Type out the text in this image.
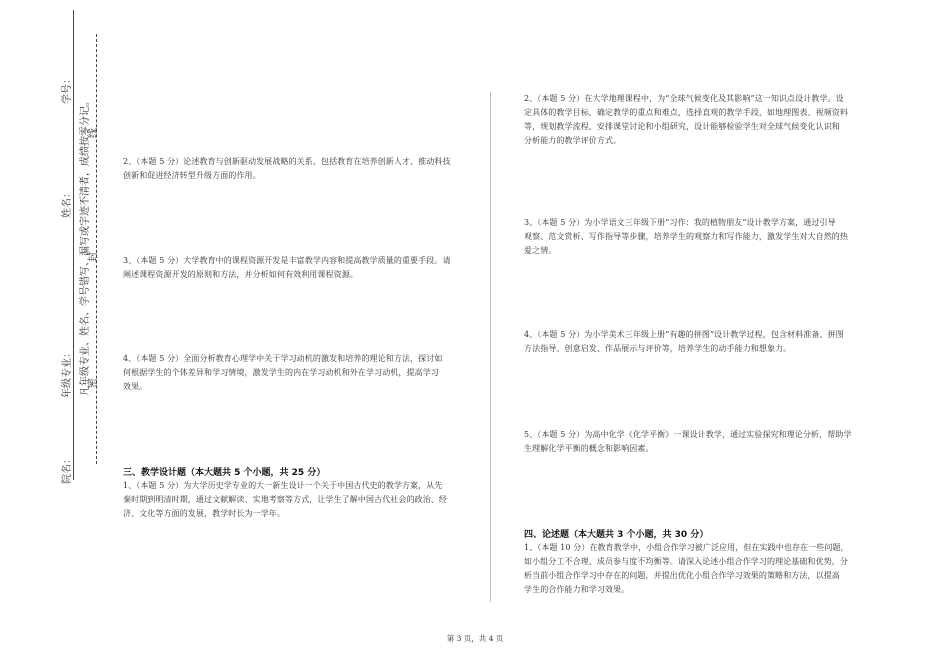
学号：
姓名：
年级专业：
院名：
凡年级专业、姓名、学号错写、漏写或字迹不清者，成绩按零分记。
密
封
线
2、（本题 5 分）论述教育与创新驱动发展战略的关系，包括教育在培养创新人才、推动科技
创新和促进经济转型升级方面的作用。
3、（本题 5 分）大学教育中的课程资源开发是丰富教学内容和提高教学质量的重要手段。请
阐述课程资源开发的原则和方法，并分析如何有效利用课程资源。
4、（本题 5 分）全面分析教育心理学中关于学习动机的激发和培养的理论和方法，探讨如
何根据学生的个体差异和学习情境，激发学生的内在学习动机和外在学习动机，提高学习
效果。
三、教学设计题（本大题共 5 个小题，共 25 分）
1、（本题 5 分）为大学历史学专业的大一新生设计一个关于中国古代史的教学方案，从先
秦时期到明清时期，通过文献解读、实地考察等方式，让学生了解中国古代社会的政治、经
济、文化等方面的发展，教学时长为一学年。
2、（本题 5 分）在大学地理课程中，为“全球气候变化及其影响”这一知识点设计教学。设
定具体的教学目标，确定教学的重点和难点，选择直观的教学手段，如地理图表、视频资料
等，规划教学流程，安排课堂讨论和小组研究，设计能够检验学生对全球气候变化认识和
分析能力的教学评价方式。
3、（本题 5 分）为小学语文三年级下册“习作：我的植物朋友”设计教学方案，通过引导
观察、范文赏析、写作指导等步骤，培养学生的观察力和写作能力，激发学生对大自然的热
爱之情。
4、（本题 5 分）为小学美术三年级上册“有趣的拼图”设计教学过程，包含材料准备、拼图
方法指导、创意启发、作品展示与评价等，培养学生的动手能力和想象力。
5、（本题 5 分）为高中化学《化学平衡》一课设计教学，通过实验探究和理论分析，帮助学
生理解化学平衡的概念和影响因素。
四、论述题（本大题共 3 个小题，共 30 分）
1、（本题 10 分）在教育教学中，小组合作学习被广泛应用，但在实践中也存在一些问题，
如小组分工不合理、成员参与度不均衡等。请深入论述小组合作学习的理论基础和优势，分
析当前小组合作学习中存在的问题，并提出优化小组合作学习效果的策略和方法，以提高
学生的合作能力和学习效果。
第 3 页，共 4 页
